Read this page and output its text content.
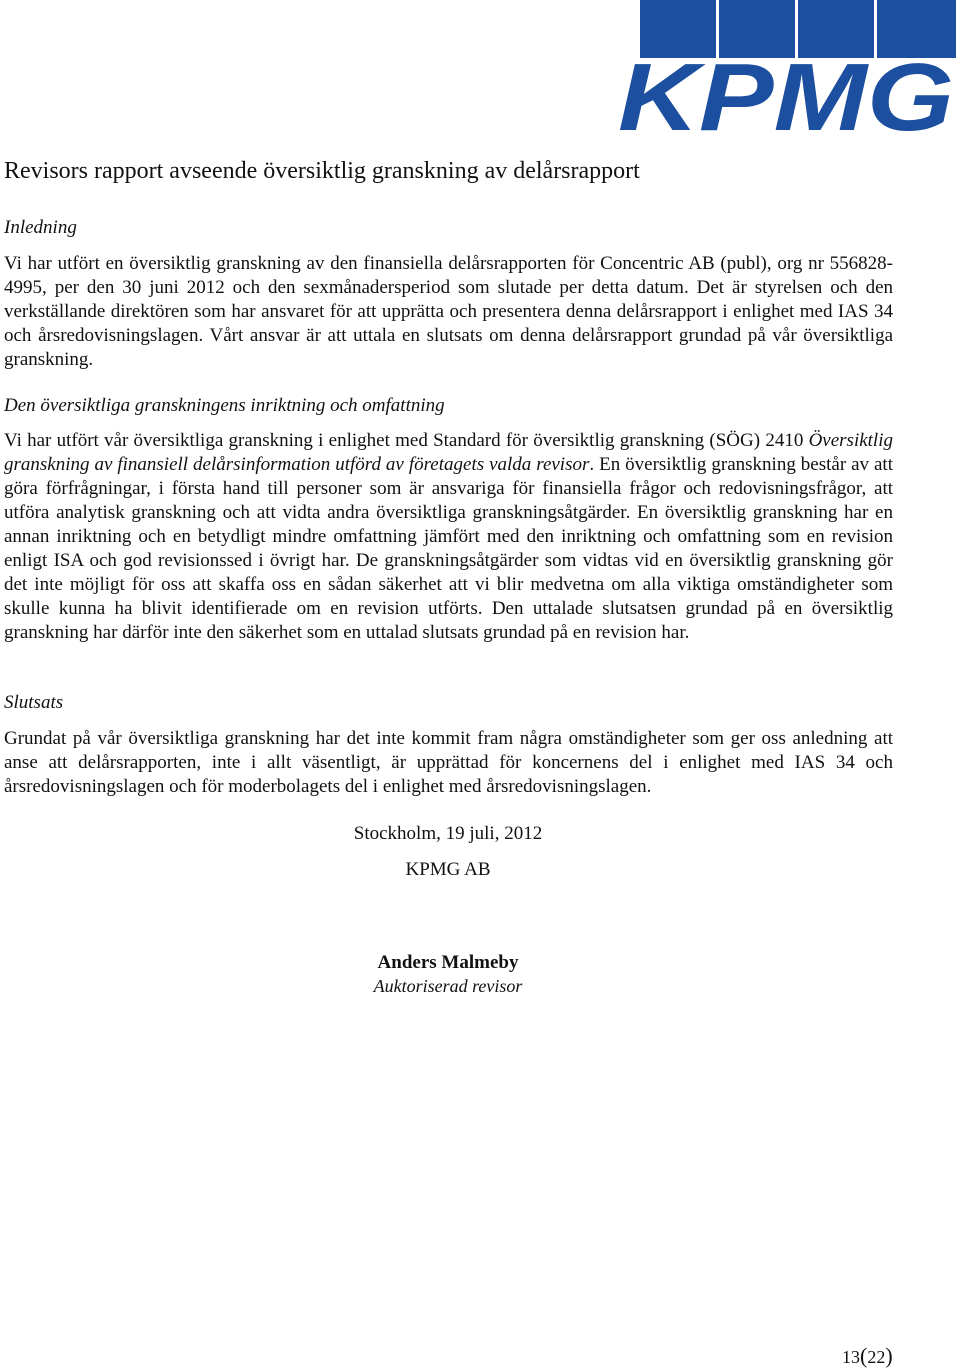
KPMG
Revisors rapport avseende översiktlig granskning av delårsrapport

Inledning

Vi har utfört en översiktlig granskning av den finansiella delårsrapporten för Concentric AB (publ), org nr 556828-4995, per den 30 juni 2012 och den sexmånadersperiod som slutade per detta datum. Det är styrelsen och den verkställande direktören som har ansvaret för att upprätta och presentera denna delårsrapport i enlighet med IAS 34 och årsredovisningslagen. Vårt ansvar är att uttala en slutsats om denna delårsrapport grundad på vår översiktliga granskning.

Den översiktliga granskningens inriktning och omfattning

Vi har utfört vår översiktliga granskning i enlighet med Standard för översiktlig granskning (SÖG) 2410 Översiktlig granskning av finansiell delårsinformation utförd av företagets valda revisor. En översiktlig granskning består av att göra förfrågningar, i första hand till personer som är ansvariga för finansiella frågor och redovisningsfrågor, att utföra analytisk granskning och att vidta andra översiktliga granskningsåtgärder. En översiktlig granskning har en annan inriktning och en betydligt mindre omfattning jämfört med den inriktning och omfattning som en revision enligt ISA och god revisionssed i övrigt har. De granskningsåtgärder som vidtas vid en översiktlig granskning gör det inte möjligt för oss att skaffa oss en sådan säkerhet att vi blir medvetna om alla viktiga omständigheter som skulle kunna ha blivit identifierade om en revision utförts. Den uttalade slutsatsen grundad på en översiktlig granskning har därför inte den säkerhet som en uttalad slutsats grundad på en revision har.

Slutsats

Grundat på vår översiktliga granskning har det inte kommit fram några omständigheter som ger oss anledning att anse att delårsrapporten, inte i allt väsentligt, är upprättad för koncernens del i enlighet med IAS 34 och årsredovisningslagen och för moderbolagets del i enlighet med årsredovisningslagen.

Stockholm, 19 juli, 2012
KPMG AB
Anders Malmeby
Auktoriserad revisor
13(22)
